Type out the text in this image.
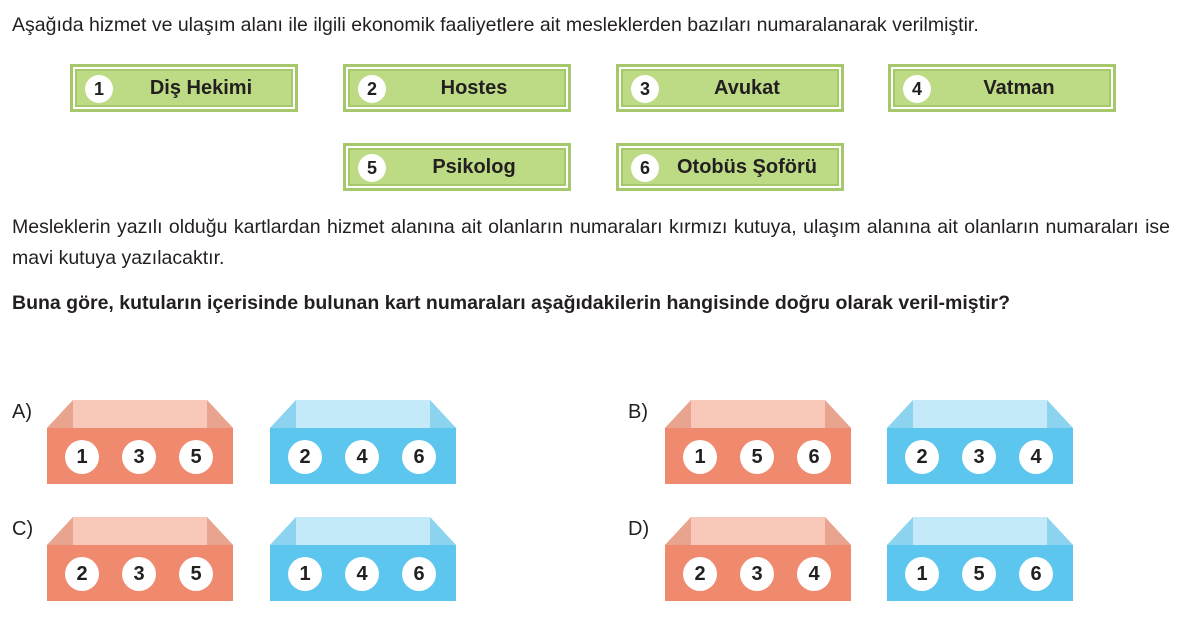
Aşağıda hizmet ve ulaşım alanı ile ilgili ekonomik faaliyetlere ait mesleklerden bazıları numaralanarak verilmiştir.
1	Diş Hekimi	2	Hostes	3	Avukat	4	Vatman
5	Psikolog	6	Otobüs Şoförü
Mesleklerin yazılı olduğu kartlardan hizmet alanına ait olanların numaraları kırmızı kutuya, ulaşım alanına ait olanların numaraları ise mavi kutuya yazılacaktır.
Buna göre, kutuların içerisinde bulunan kart numaraları aşağıdakilerin hangisinde doğru olarak veril-miştir?
A)
1	3	5	2	4	6
B)
1	5	6	2	3	4
C)
2	3	5	1	4	6
D)
2	3	4	1	5	6
